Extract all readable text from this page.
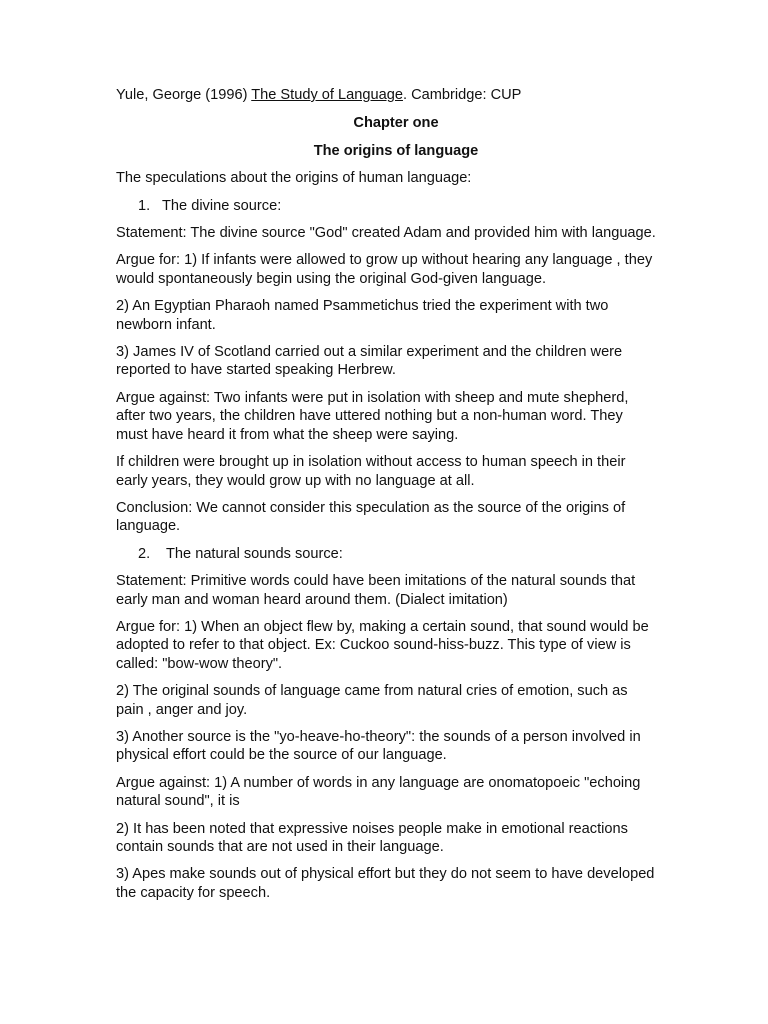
Yule, George (1996) The Study of Language. Cambridge: CUP

Chapter one

The origins of language

The speculations about the origins of human language:

1. The divine source:

Statement: The divine source "God" created Adam and provided him with language.

Argue for: 1) If infants were allowed to grow up without hearing any language , they would spontaneously begin using the original God-given language.

2) An Egyptian Pharaoh named Psammetichus tried the experiment with two newborn infant.

3) James IV of Scotland carried out a similar experiment and the children were reported to have started speaking Herbrew.

Argue against: Two infants were put in isolation with sheep and mute shepherd, after two years, the children have uttered nothing but a non-human word. They must have heard it from what the sheep were saying.

If children were brought up in isolation without access to human speech in their early years, they would grow up with no language at all.

Conclusion: We cannot consider this speculation as the source of the origins of language.

2.	The natural sounds source:

Statement: Primitive words could have been imitations of the natural sounds that early man and woman heard around them. (Dialect imitation)

Argue for: 1) When an object flew by, making a certain sound, that sound would be adopted to refer to that object. Ex: Cuckoo sound-hiss-buzz. This type of view is called: "bow-wow theory".

2) The original sounds of language came from natural cries of emotion, such as pain , anger and joy.

3) Another source is the "yo-heave-ho-theory": the sounds of a person involved in physical effort could be the source of our language.

Argue against: 1) A number of words in any language are onomatopoeic "echoing natural sound", it is

2) It has been noted that expressive noises people make in emotional reactions contain sounds that are not used in their language.

3) Apes make sounds out of physical effort but they do not seem to have developed the capacity for speech.
